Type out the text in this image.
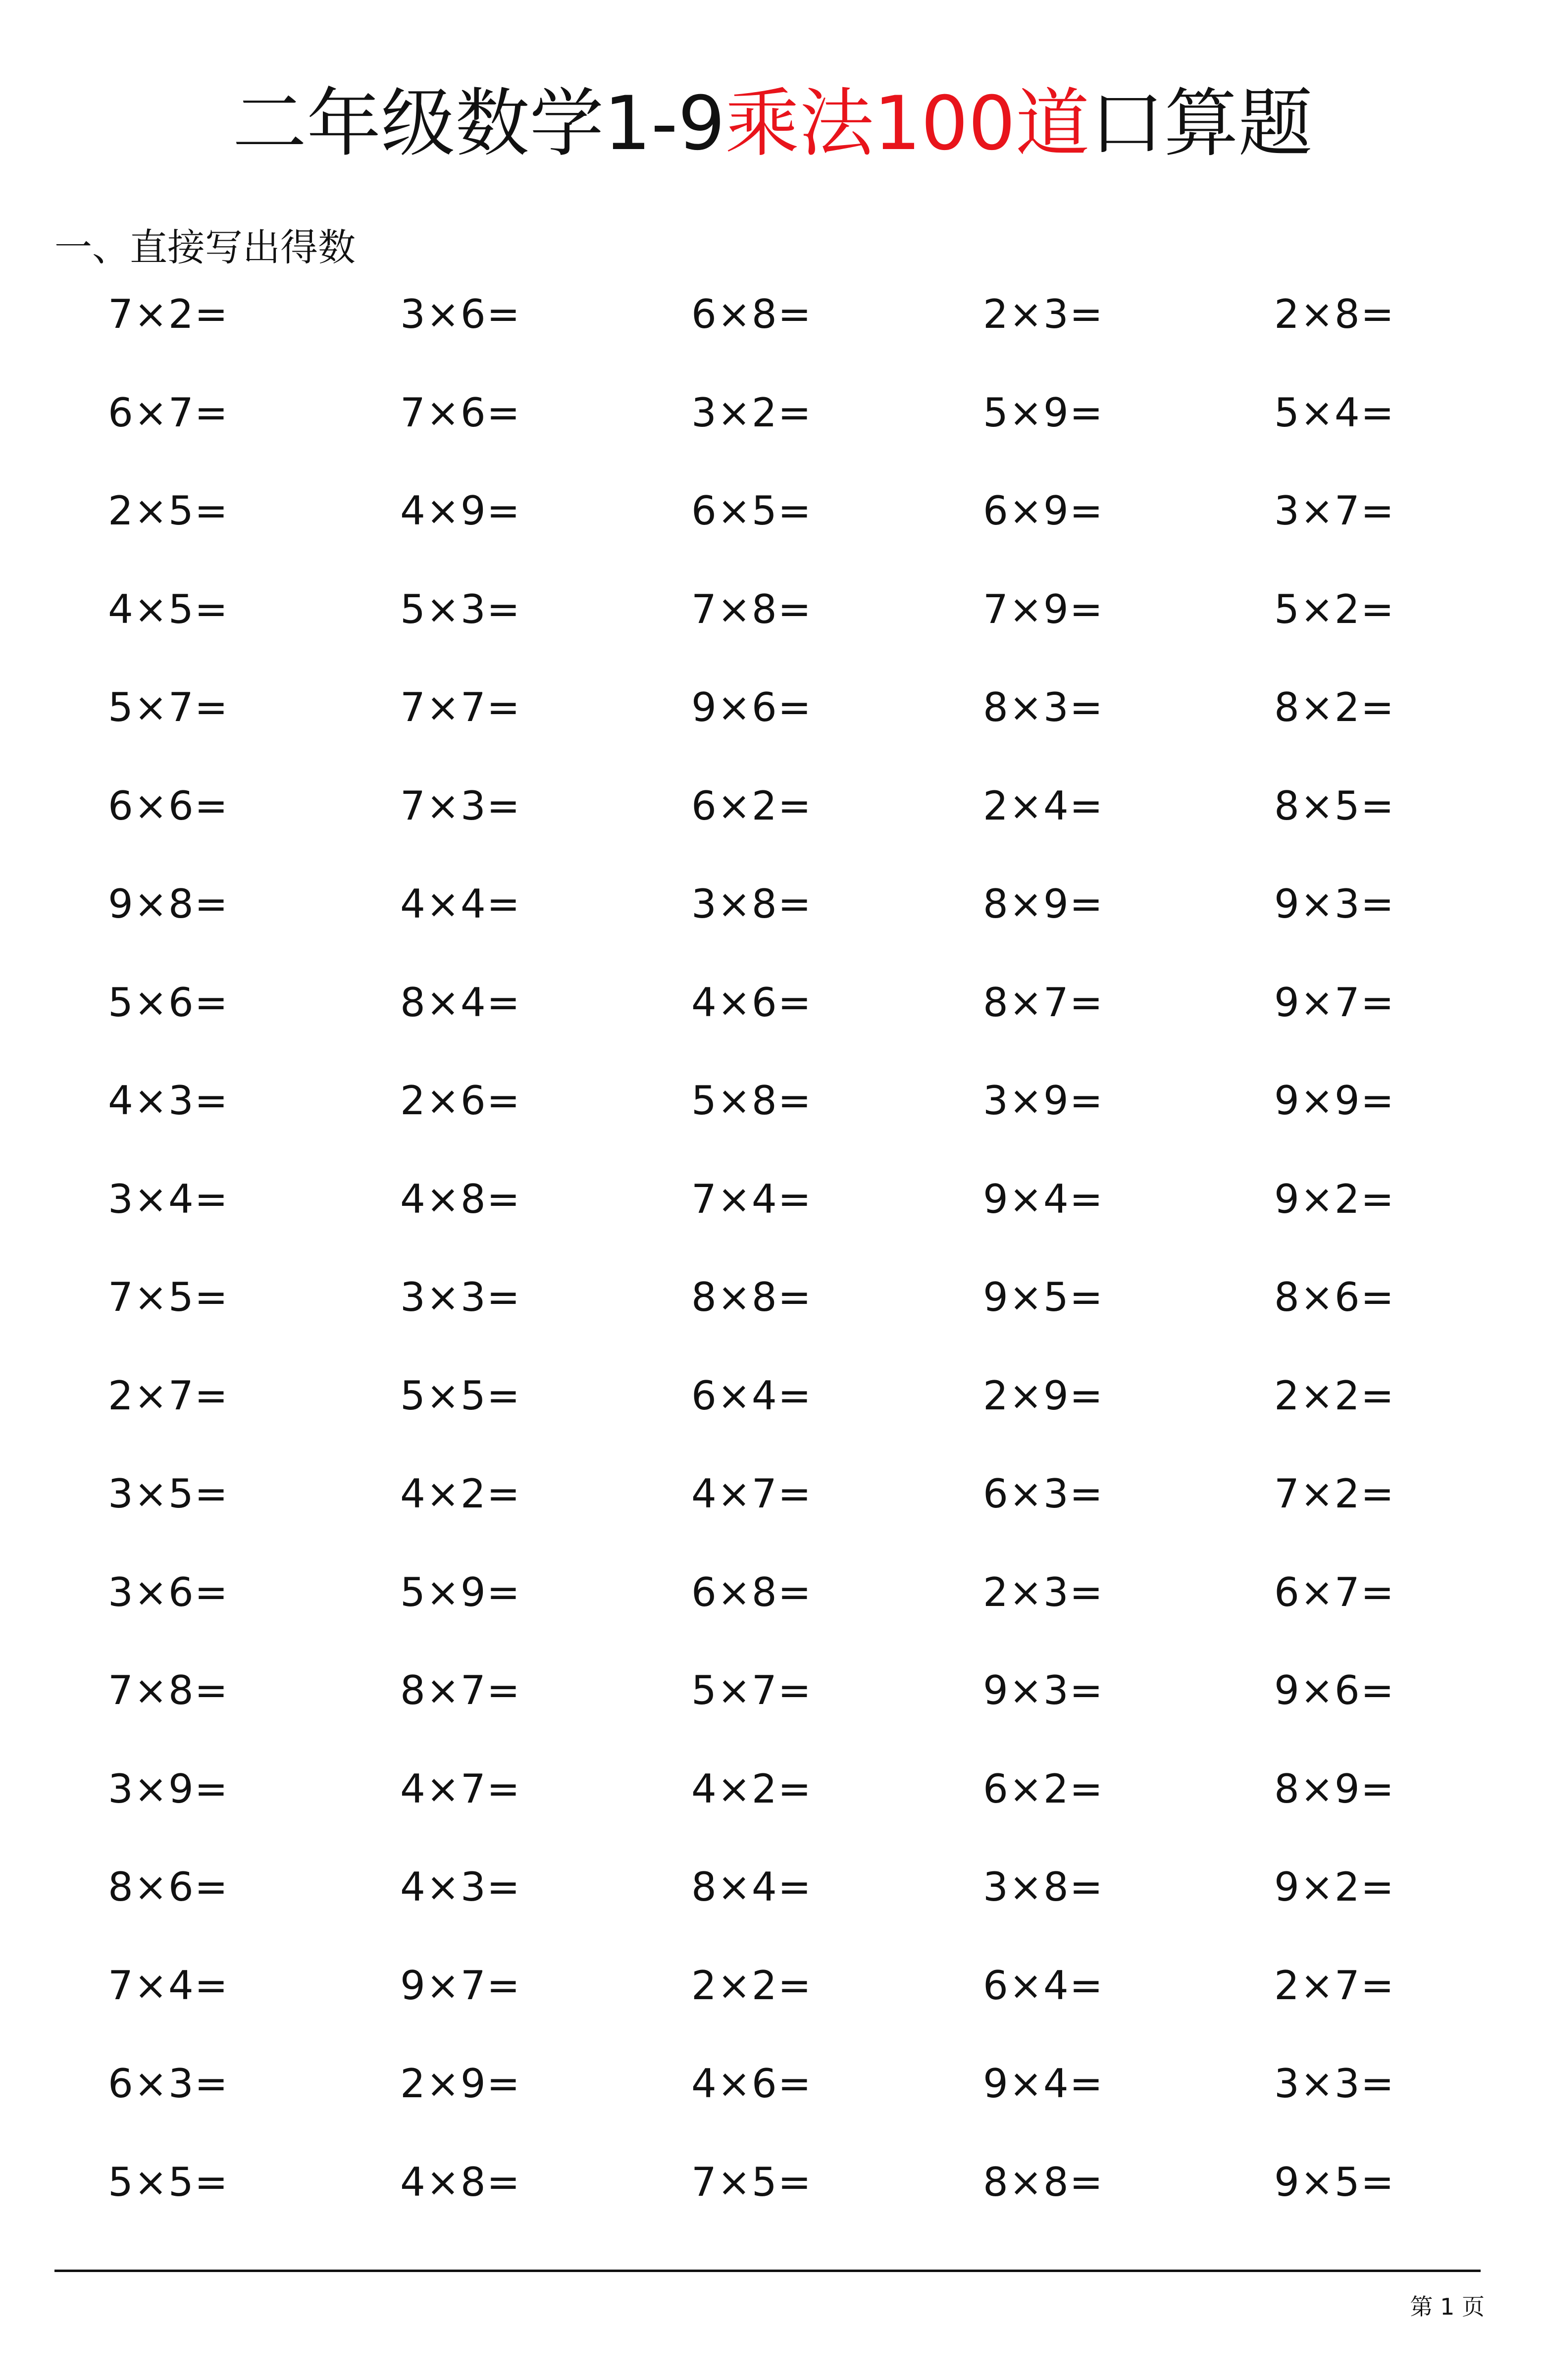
二年级数学1-9乘法100道口算题
一、直接写出得数
7×2=	3×6=	6×8=	2×3=	2×8=
6×7=	7×6=	3×2=	5×9=	5×4=
2×5=	4×9=	6×5=	6×9=	3×7=
4×5=	5×3=	7×8=	7×9=	5×2=
5×7=	7×7=	9×6=	8×3=	8×2=
6×6=	7×3=	6×2=	2×4=	8×5=
9×8=	4×4=	3×8=	8×9=	9×3=
5×6=	8×4=	4×6=	8×7=	9×7=
4×3=	2×6=	5×8=	3×9=	9×9=
3×4=	4×8=	7×4=	9×4=	9×2=
7×5=	3×3=	8×8=	9×5=	8×6=
2×7=	5×5=	6×4=	2×9=	2×2=
3×5=	4×2=	4×7=	6×3=	7×2=
3×6=	5×9=	6×8=	2×3=	6×7=
7×8=	8×7=	5×7=	9×3=	9×6=
3×9=	4×7=	4×2=	6×2=	8×9=
8×6=	4×3=	8×4=	3×8=	9×2=
7×4=	9×7=	2×2=	6×4=	2×7=
6×3=	2×9=	4×6=	9×4=	3×3=
5×5=	4×8=	7×5=	8×8=	9×5=
第 1 页
